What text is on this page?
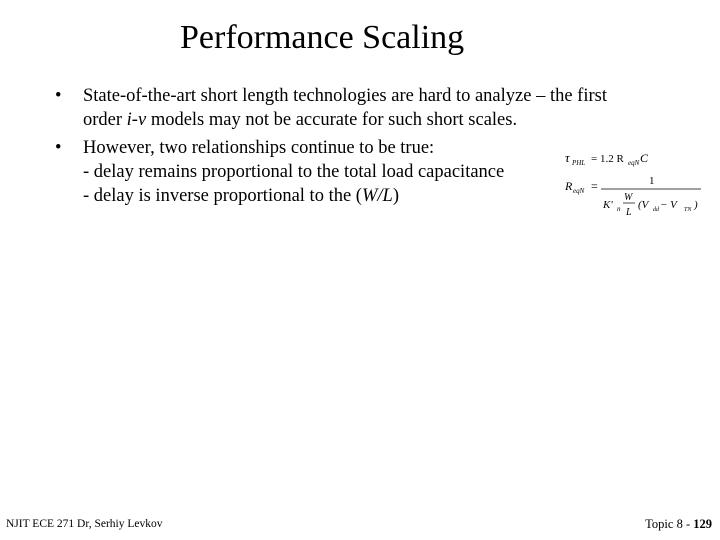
Performance Scaling
• State-of-the-art short length technologies are hard to analyze – the first
order i-v models may not be accurate for such short scales.
• However, two relationships continue to be true:
- delay remains proportional to the total load capacitance
- delay is inverse proportional to the (W/L)
τ PHL = 1.2 R eqN C
R eqN =	1
K' n
W
L
(V dd − V TN )
NJIT ECE 271 Dr, Serhiy Levkov	Topic 8 - 129
